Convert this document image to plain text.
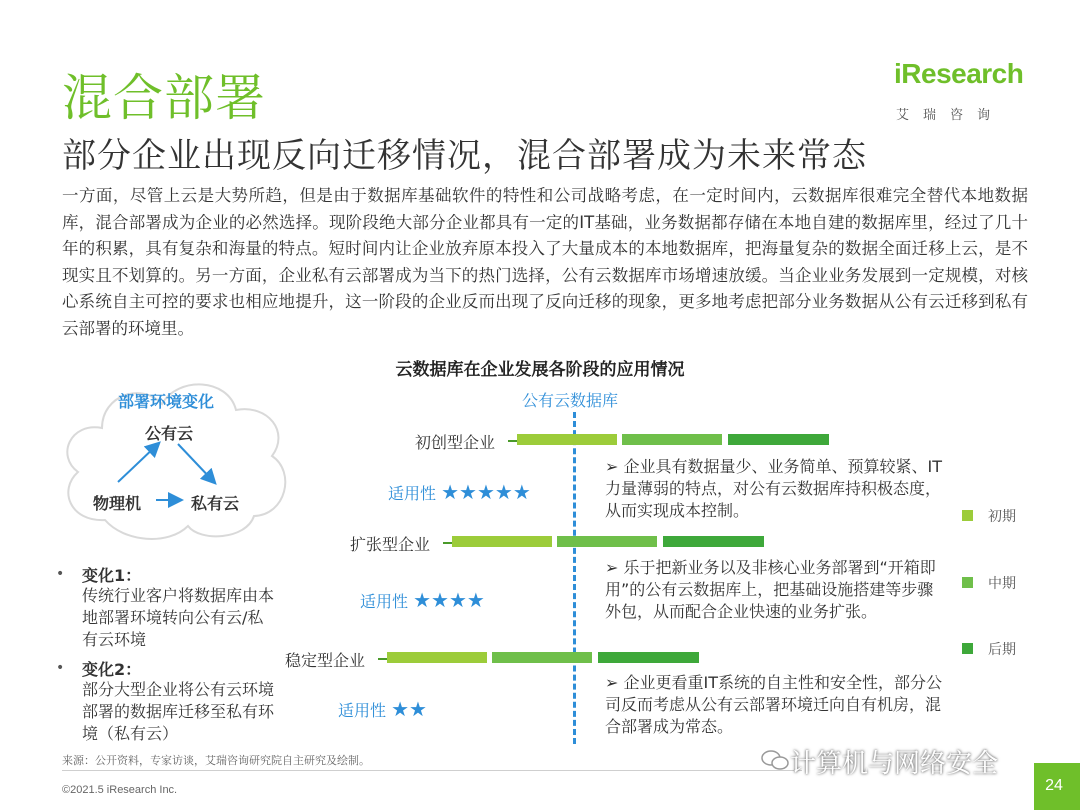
混合部署
部分企业出现反向迁移情况，混合部署成为未来常态
iResearch
艾瑞咨询
一方面，尽管上云是大势所趋，但是由于数据库基础软件的特性和公司战略考虑，在一定时间内，云数据库很难完全替代本地数据库，混合部署成为企业的必然选择。现阶段绝大部分企业都具有一定的IT基础，业务数据都存储在本地自建的数据库里，经过了几十年的积累，具有复杂和海量的特点。短时间内让企业放弃原本投入了大量成本的本地数据库，把海量复杂的数据全面迁移上云，是不现实且不划算的。另一方面，企业私有云部署成为当下的热门选择，公有云数据库市场增速放缓。当企业业务发展到一定规模，对核心系统自主可控的要求也相应地提升，这一阶段的企业反而出现了反向迁移的现象，更多地考虑把部分业务数据从公有云迁移到私有云部署的环境里。
云数据库在企业发展各阶段的应用情况
部署环境变化
公有云
物理机	私有云
• 变化1：
传统行业客户将数据库由本地部署环境转向公有云/私有云环境
• 变化2：
部分大型企业将公有云环境部署的数据库迁移至私有环境（私有云）
公有云数据库
初创型企业
适用性 ★★★★★
➢ 企业具有数据量少、业务简单、预算较紧、IT力量薄弱的特点，对公有云数据库持积极态度，从而实现成本控制。
扩张型企业
适用性 ★★★★
➢ 乐于把新业务以及非核心业务部署到“开箱即用”的公有云数据库上，把基础设施搭建等步骤外包，从而配合企业快速的业务扩张。
稳定型企业
适用性 ★★
➢ 企业更看重IT系统的自主性和安全性，部分公司反而考虑从公有云部署环境迁向自有机房，混合部署成为常态。
初期
中期
后期
来源：公开资料，专家访谈，艾瑞咨询研究院自主研究及绘制。
©2021.5 iResearch Inc.
计算机与网络安全
24
